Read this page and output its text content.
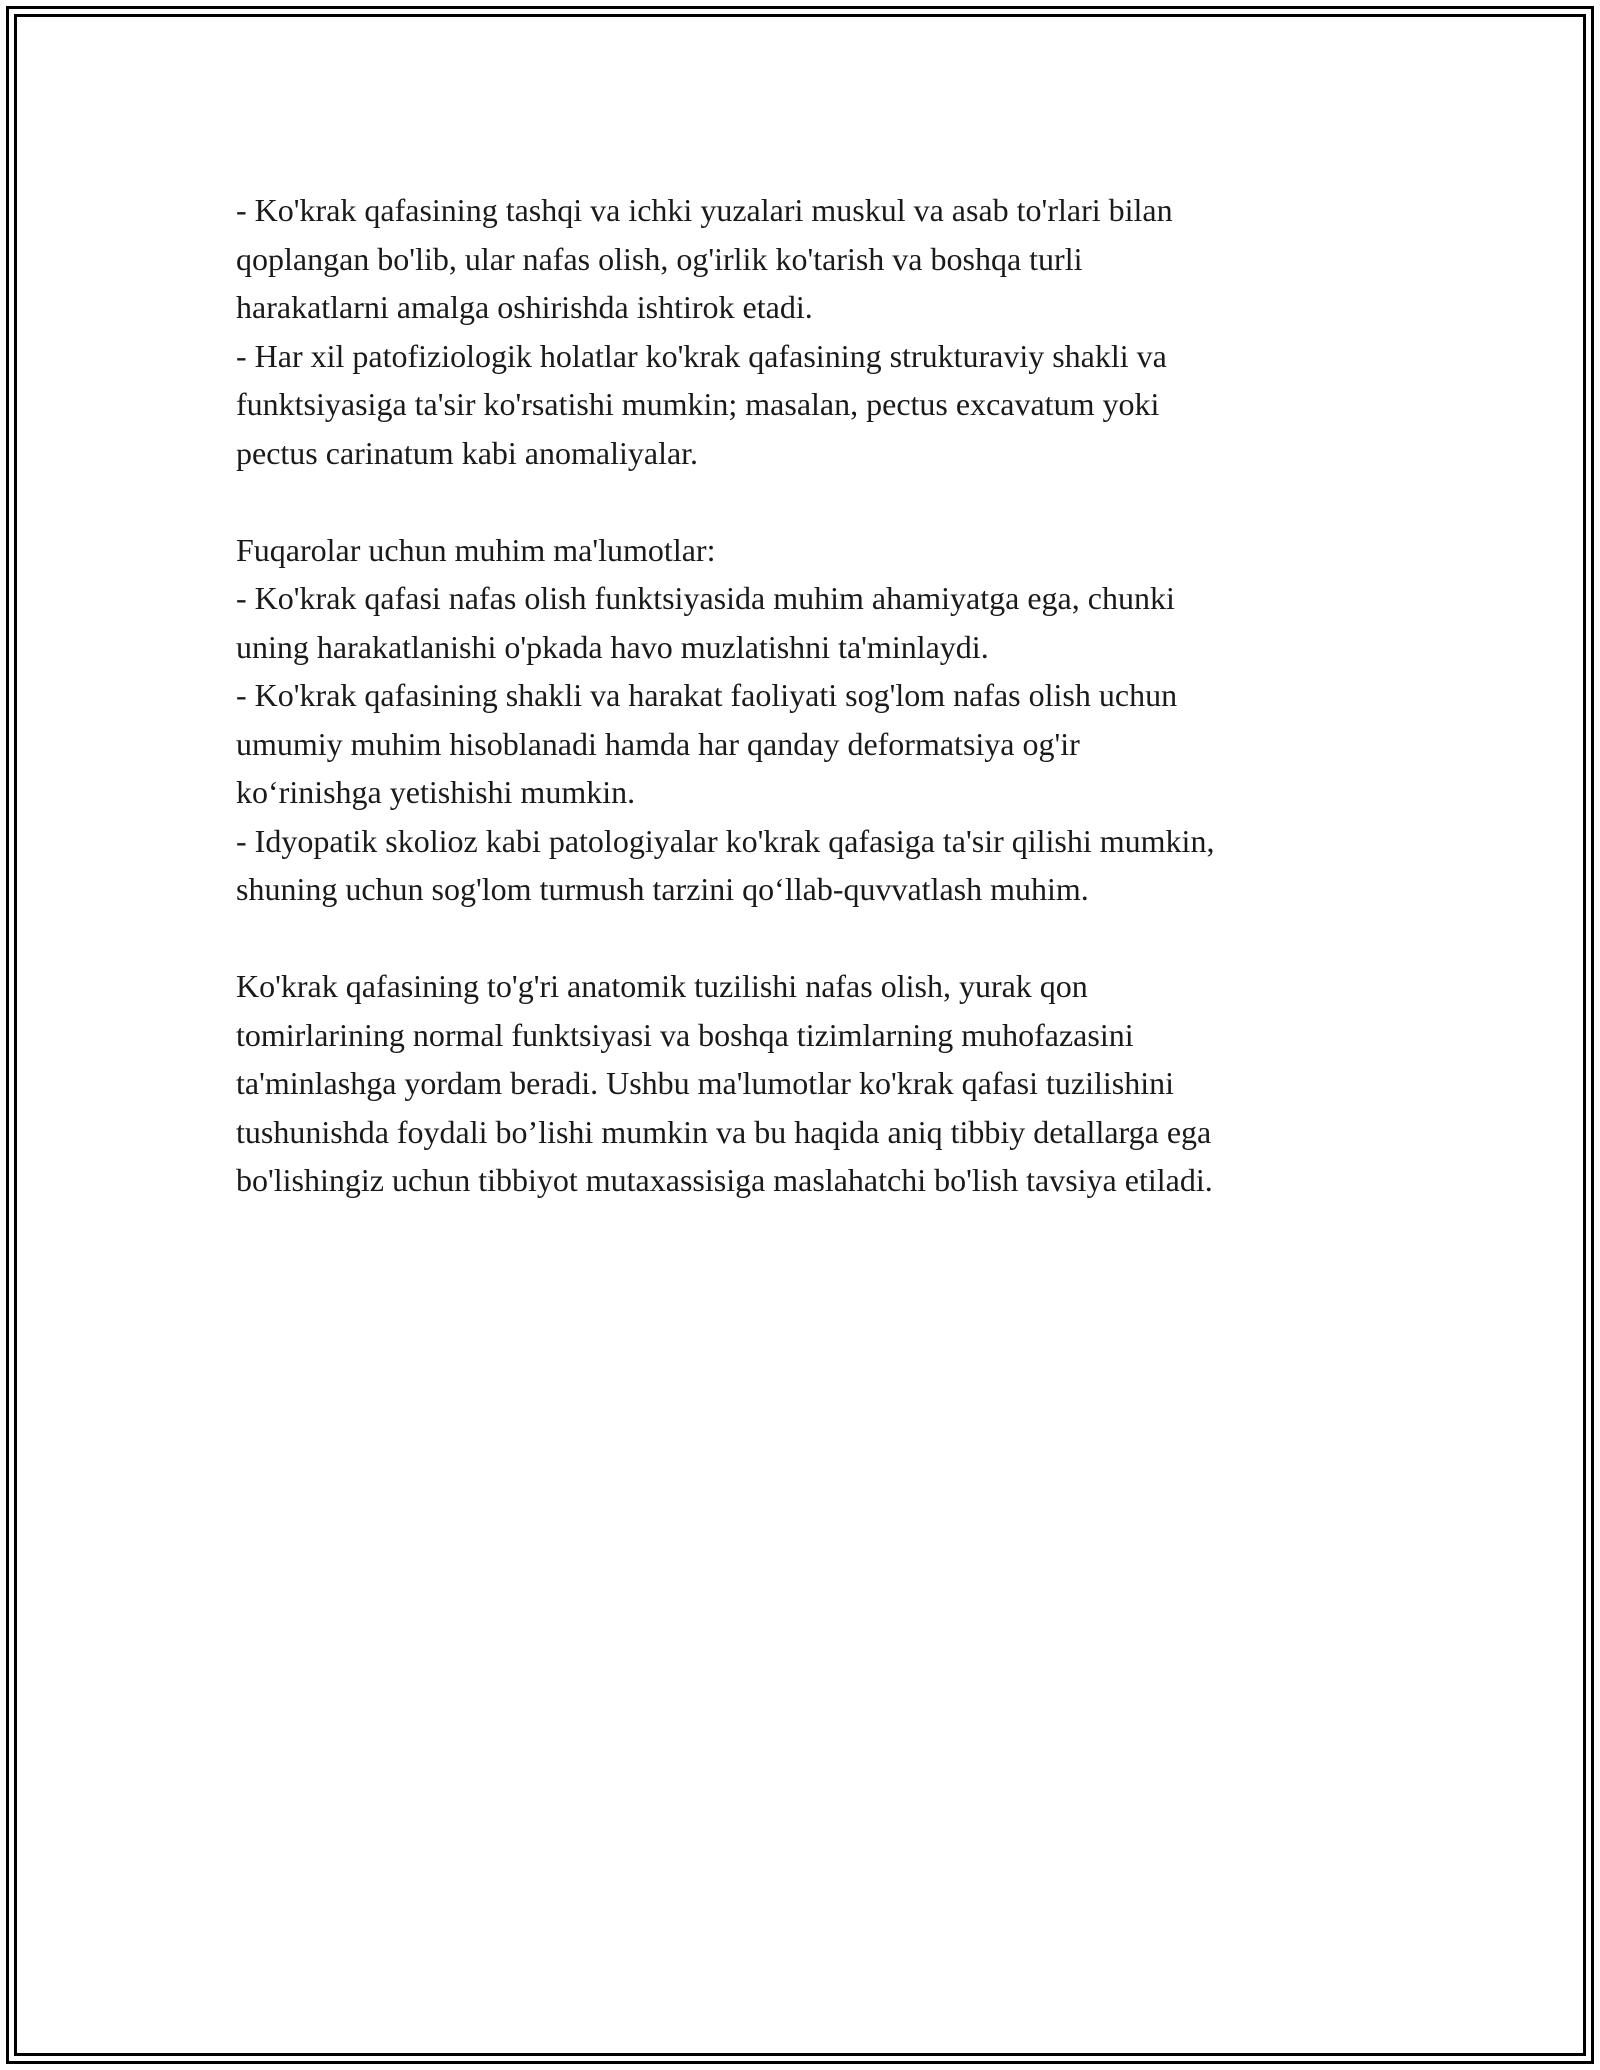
- Ko'krak qafasining tashqi va ichki yuzalari muskul va asab to'rlari bilan
qoplangan bo'lib, ular nafas olish, og'irlik ko'tarish va boshqa turli
harakatlarni amalga oshirishda ishtirok etadi.
- Har xil patofiziologik holatlar ko'krak qafasining strukturaviy shakli va
funktsiyasiga ta'sir ko'rsatishi mumkin; masalan, pectus excavatum yoki
pectus carinatum kabi anomaliyalar.
Fuqarolar uchun muhim ma'lumotlar:
- Ko'krak qafasi nafas olish funktsiyasida muhim ahamiyatga ega, chunki
uning harakatlanishi o'pkada havo muzlatishni ta'minlaydi.
- Ko'krak qafasining shakli va harakat faoliyati sog'lom nafas olish uchun
umumiy muhim hisoblanadi hamda har qanday deformatsiya og'ir
ko‘rinishga yetishishi mumkin.
- Idyopatik skolioz kabi patologiyalar ko'krak qafasiga ta'sir qilishi mumkin,
shuning uchun sog'lom turmush tarzini qo‘llab-quvvatlash muhim.
Ko'krak qafasining to'g'ri anatomik tuzilishi nafas olish, yurak qon
tomirlarining normal funktsiyasi va boshqa tizimlarning muhofazasini
ta'minlashga yordam beradi. Ushbu ma'lumotlar ko'krak qafasi tuzilishini
tushunishda foydali bo’lishi mumkin va bu haqida aniq tibbiy detallarga ega
bo'lishingiz uchun tibbiyot mutaxassisiga maslahatchi bo'lish tavsiya etiladi.
